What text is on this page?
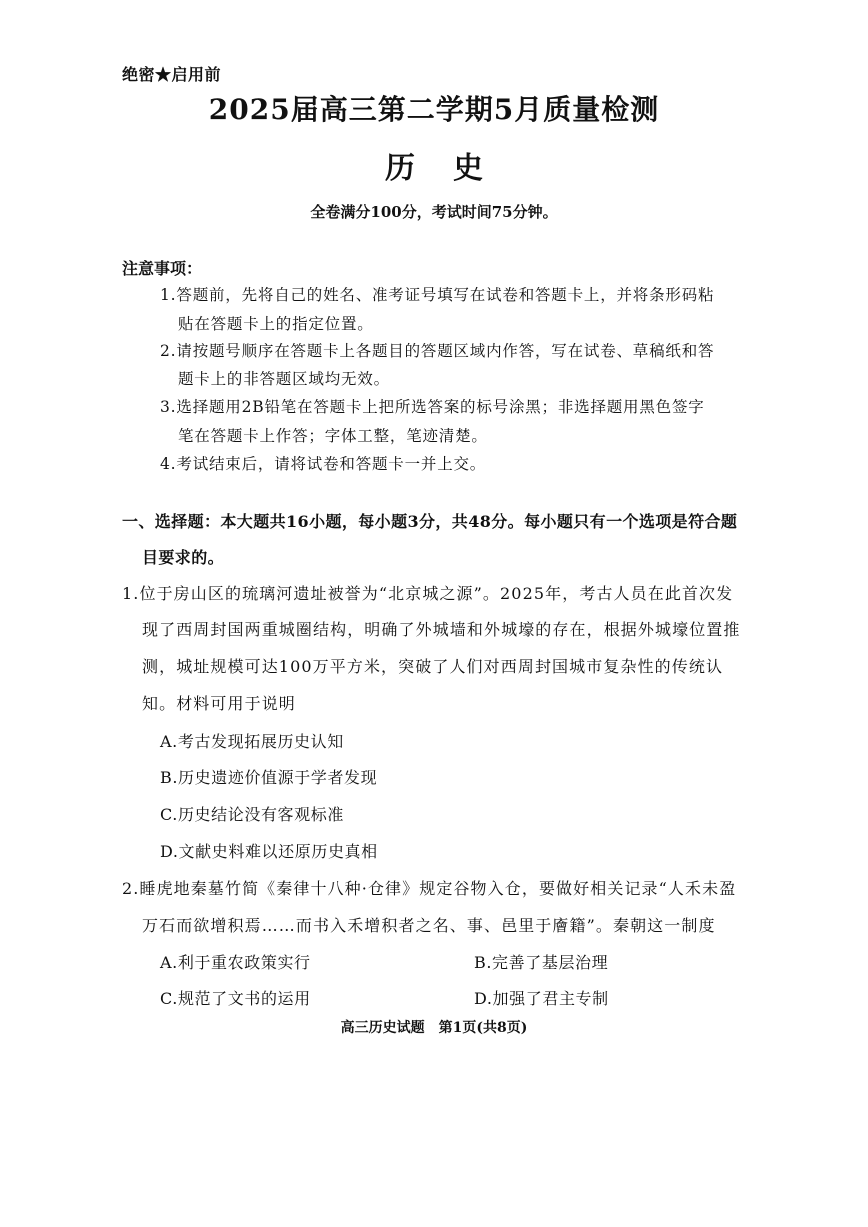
绝密★启用前
2025届高三第二学期5月质量检测
历史
全卷满分100分，考试时间75分钟。
注意事项：
1.答题前，先将自己的姓名、准考证号填写在试卷和答题卡上，并将条形码粘
贴在答题卡上的指定位置。
2.请按题号顺序在答题卡上各题目的答题区域内作答，写在试卷、草稿纸和答
题卡上的非答题区域均无效。
3.选择题用2B铅笔在答题卡上把所选答案的标号涂黑；非选择题用黑色签字
笔在答题卡上作答；字体工整，笔迹清楚。
4.考试结束后，请将试卷和答题卡一并上交。
一、选择题：本大题共16小题，每小题3分，共48分。每小题只有一个选项是符合题
目要求的。
1.位于房山区的琉璃河遗址被誉为“北京城之源”。2025年，考古人员在此首次发
现了西周封国两重城圈结构，明确了外城墙和外城壕的存在，根据外城壕位置推
测，城址规模可达100万平方米，突破了人们对西周封国城市复杂性的传统认
知。材料可用于说明
A.考古发现拓展历史认知
B.历史遗迹价值源于学者发现
C.历史结论没有客观标准
D.文献史料难以还原历史真相
2.睡虎地秦墓竹简《秦律十八种·仓律》规定谷物入仓，要做好相关记录“人禾未盈
万石而欲增积焉……而书入禾增积者之名、事、邑里于廥籍”。秦朝这一制度
A.利于重农政策实行	B.完善了基层治理
C.规范了文书的运用	D.加强了君主专制
高三历史试题　第1页(共8页)
